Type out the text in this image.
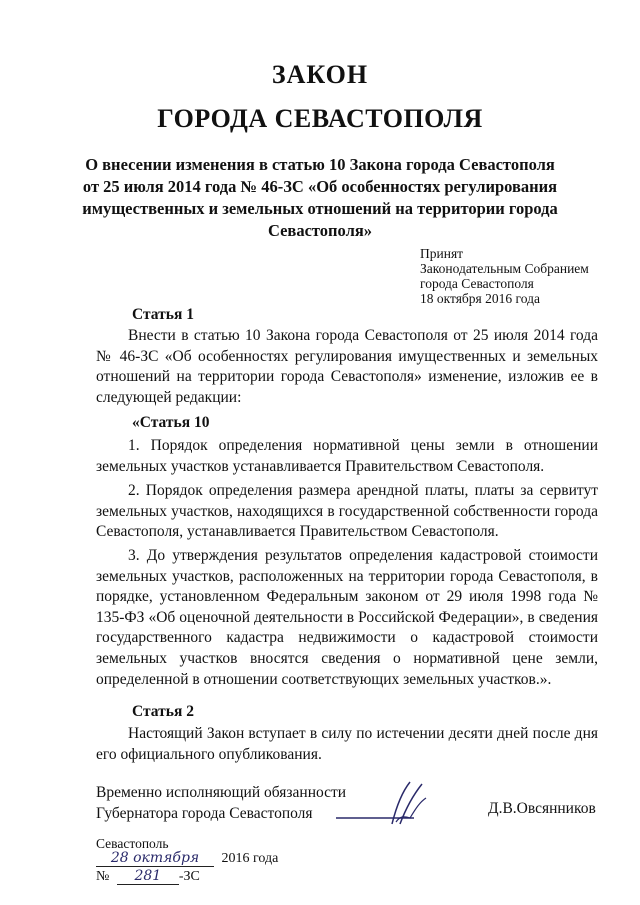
ЗАКОН
ГОРОДА СЕВАСТОПОЛЯ
О внесении изменения в статью 10 Закона города Севастополя от 25 июля 2014 года № 46-ЗС «Об особенностях регулирования имущественных и земельных отношений на территории города Севастополя»
Принят
Законодательным Собранием
города Севастополя
18 октября 2016 года
Статья 1
Внести в статью 10 Закона города Севастополя от 25 июля 2014 года № 46-ЗС «Об особенностях регулирования имущественных и земельных отношений на территории города Севастополя» изменение, изложив ее в следующей редакции:
«Статья 10
1. Порядок определения нормативной цены земли в отношении земельных участков устанавливается Правительством Севастополя.
2. Порядок определения размера арендной платы, платы за сервитут земельных участков, находящихся в государственной собственности города Севастополя, устанавливается Правительством Севастополя.
3. До утверждения результатов определения кадастровой стоимости земельных участков, расположенных на территории города Севастополя, в порядке, установленном Федеральным законом от 29 июля 1998 года № 135-ФЗ «Об оценочной деятельности в Российской Федерации», в сведения государственного кадастра недвижимости о кадастровой стоимости земельных участков вносятся сведения о нормативной цене земли, определенной в отношении соответствующих земельных участков.».
Статья 2
Настоящий Закон вступает в силу по истечении десяти дней после дня его официального опубликования.
Временно исполняющий обязанности
Губернатора города Севастополя	Д.В.Овсянников
Севастополь
28 октября 2016 года
№ 281 -ЗС
